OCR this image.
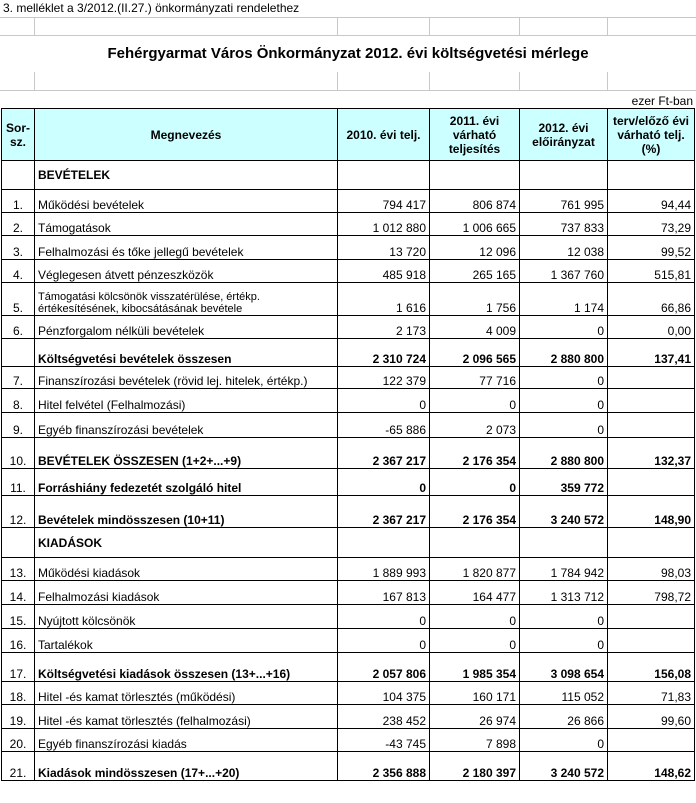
3. melléklet a 3/2012.(II.27.) önkormányzati rendelethez
Fehérgyarmat Város Önkormányzat 2012. évi költségvetési mérlege
ezer Ft-ban
Sor-sz.	Megnevezés	2010. évi telj.	2011. évi várható teljesítés	2012. évi előirányzat	terv/előző évi várható telj. (%)
	BEVÉTELEK				
1.	Működési bevételek	794 417	806 874	761 995	94,44
2.	Támogatások	1 012 880	1 006 665	737 833	73,29
3.	Felhalmozási és tőke jellegű bevételek	13 720	12 096	12 038	99,52
4.	Véglegesen átvett pénzeszközök	485 918	265 165	1 367 760	515,81
5.	Támogatási kölcsönök visszatérülése, értékp. értékesítésének, kibocsátásának bevétele	1 616	1 756	1 174	66,86
6.	Pénzforgalom nélküli bevételek	2 173	4 009	0	0,00
	Költségvetési bevételek összesen	2 310 724	2 096 565	2 880 800	137,41
7.	Finanszírozási bevételek (rövid lej. hitelek, értékp.)	122 379	77 716	0	
8.	Hitel felvétel (Felhalmozási)	0	0	0	
9.	Egyéb finanszírozási bevételek	-65 886	2 073	0	
10.	BEVÉTELEK ÖSSZESEN (1+2+...+9)	2 367 217	2 176 354	2 880 800	132,37
11.	Forráshiány fedezetét szolgáló hitel	0	0	359 772	
12.	Bevételek mindösszesen (10+11)	2 367 217	2 176 354	3 240 572	148,90
	KIADÁSOK				
13.	Működési kiadások	1 889 993	1 820 877	1 784 942	98,03
14.	Felhalmozási kiadások	167 813	164 477	1 313 712	798,72
15.	Nyújtott kölcsönök	0	0	0	
16.	Tartalékok	0	0	0	
17.	Költségvetési kiadások összesen (13+...+16)	2 057 806	1 985 354	3 098 654	156,08
18.	Hitel -és kamat törlesztés (működési)	104 375	160 171	115 052	71,83
19.	Hitel -és kamat törlesztés (felhalmozási)	238 452	26 974	26 866	99,60
20.	Egyéb finanszírozási kiadás	-43 745	7 898	0	
21.	Kiadások mindösszesen (17+...+20)	2 356 888	2 180 397	3 240 572	148,62
